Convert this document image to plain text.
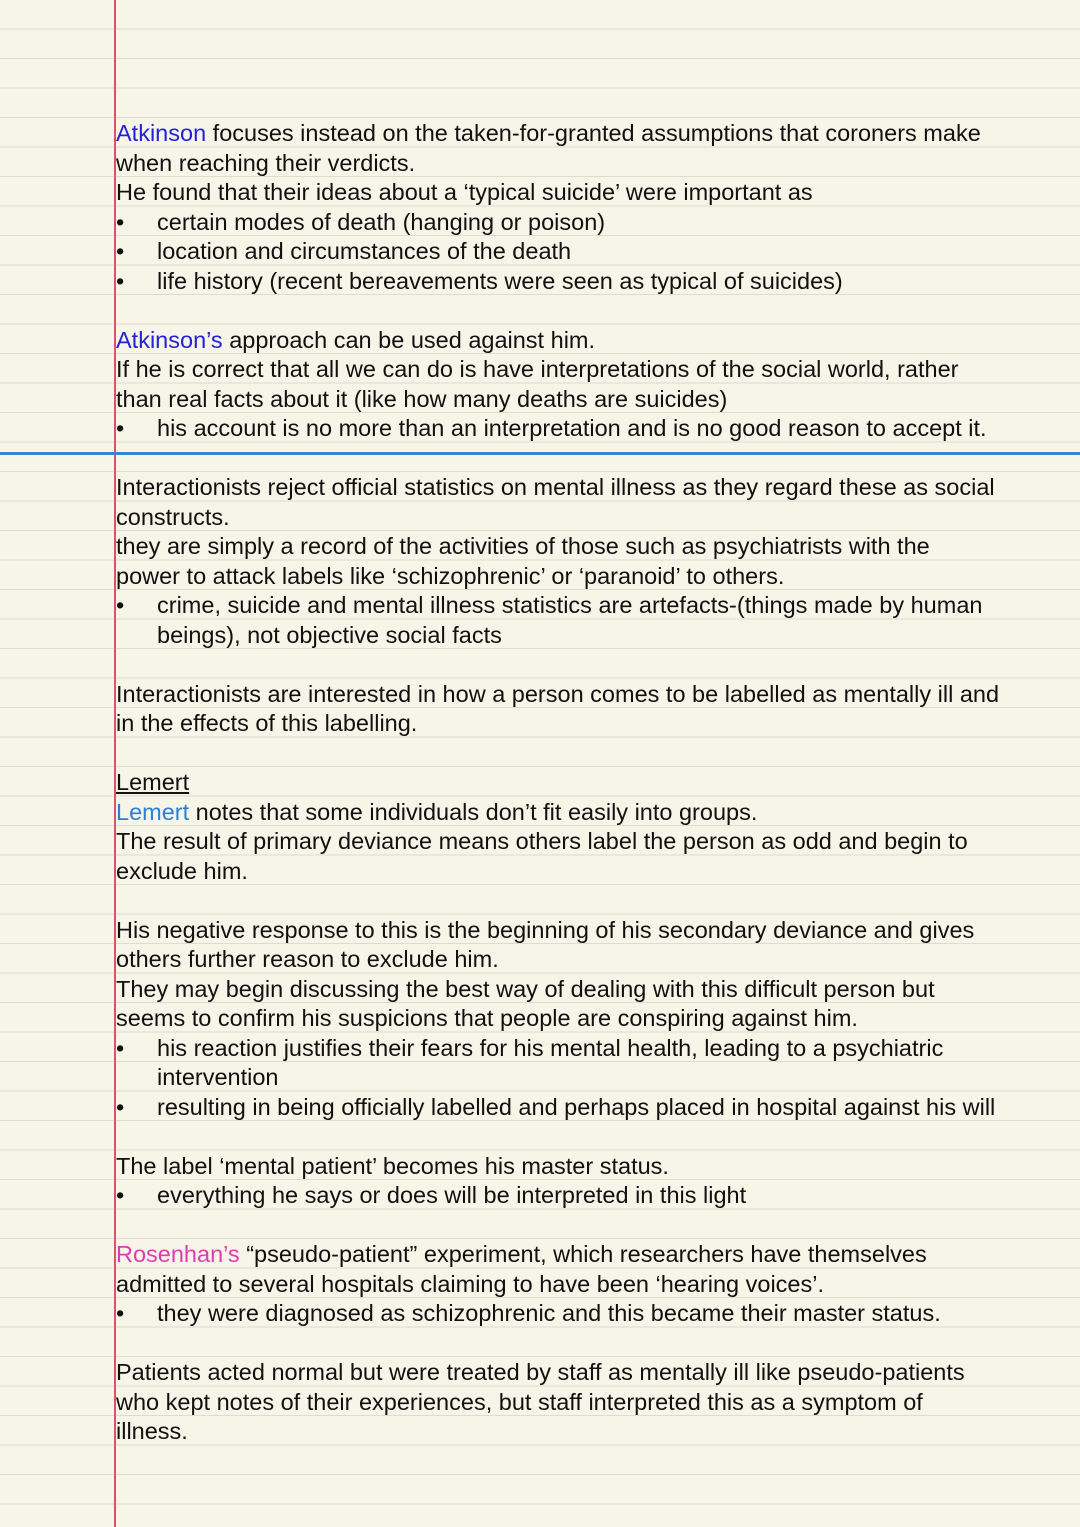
Atkinson focuses instead on the taken-for-granted assumptions that coroners make

when reaching their verdicts.

He found that their ideas about a ‘typical suicide’ were important as

• certain modes of death (hanging or poison)

• location and circumstances of the death

• life history (recent bereavements were seen as typical of suicides)

Atkinson’s approach can be used against him.

If he is correct that all we can do is have interpretations of the social world, rather

than real facts about it (like how many deaths are suicides)

• his account is no more than an interpretation and is no good reason to accept it.

Interactionists reject official statistics on mental illness as they regard these as social

constructs.

they are simply a record of the activities of those such as psychiatrists with the

power to attack labels like ‘schizophrenic’ or ‘paranoid’ to others.

• crime, suicide and mental illness statistics are artefacts-(things made by human

beings), not objective social facts

Interactionists are interested in how a person comes to be labelled as mentally ill and

in the effects of this labelling.

Lemert

Lemert notes that some individuals don’t fit easily into groups.

The result of primary deviance means others label the person as odd and begin to

exclude him.

His negative response to this is the beginning of his secondary deviance and gives

others further reason to exclude him.

They may begin discussing the best way of dealing with this difficult person but

seems to confirm his suspicions that people are conspiring against him.

• his reaction justifies their fears for his mental health, leading to a psychiatric

intervention

• resulting in being officially labelled and perhaps placed in hospital against his will

The label ‘mental patient’ becomes his master status.

• everything he says or does will be interpreted in this light

Rosenhan’s “pseudo-patient” experiment, which researchers have themselves

admitted to several hospitals claiming to have been ‘hearing voices’.

• they were diagnosed as schizophrenic and this became their master status.

Patients acted normal but were treated by staff as mentally ill like pseudo-patients

who kept notes of their experiences, but staff interpreted this as a symptom of

illness.
